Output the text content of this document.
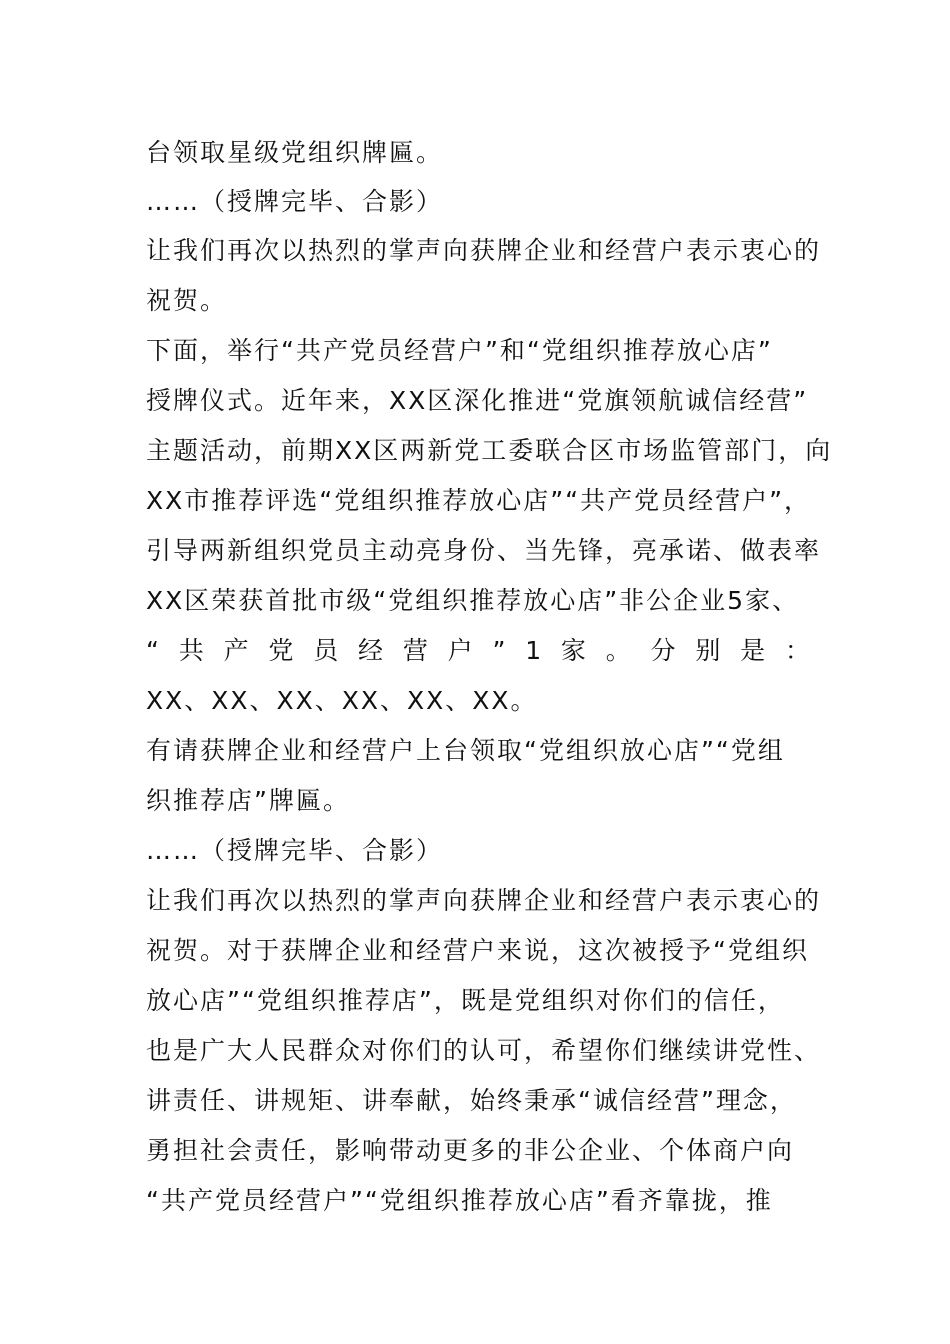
台领取星级党组织牌匾。
……（授牌完毕、合影）
让我们再次以热烈的掌声向获牌企业和经营户表示衷心的
祝贺。
下面，举行“共产党员经营户”和“党组织推荐放心店”
授牌仪式。近年来，XX区深化推进“党旗领航诚信经营”
主题活动，前期XX区两新党工委联合区市场监管部门，向
XX市推荐评选“党组织推荐放心店”“共产党员经营户”，
引导两新组织党员主动亮身份、当先锋，亮承诺、做表率
XX区荣获首批市级“党组织推荐放心店”非公企业5家、
“ 共 产 党 员 经 营 户 ” 1 家 。 分 别 是 ：
XX、XX、XX、XX、XX、XX。
有请获牌企业和经营户上台领取“党组织放心店”“党组
织推荐店”牌匾。
……（授牌完毕、合影）
让我们再次以热烈的掌声向获牌企业和经营户表示衷心的
祝贺。对于获牌企业和经营户来说，这次被授予“党组织
放心店”“党组织推荐店”，既是党组织对你们的信任，
也是广大人民群众对你们的认可，希望你们继续讲党性、
讲责任、讲规矩、讲奉献，始终秉承“诚信经营”理念，
勇担社会责任，影响带动更多的非公企业、个体商户向
“共产党员经营户”“党组织推荐放心店”看齐靠拢，推
